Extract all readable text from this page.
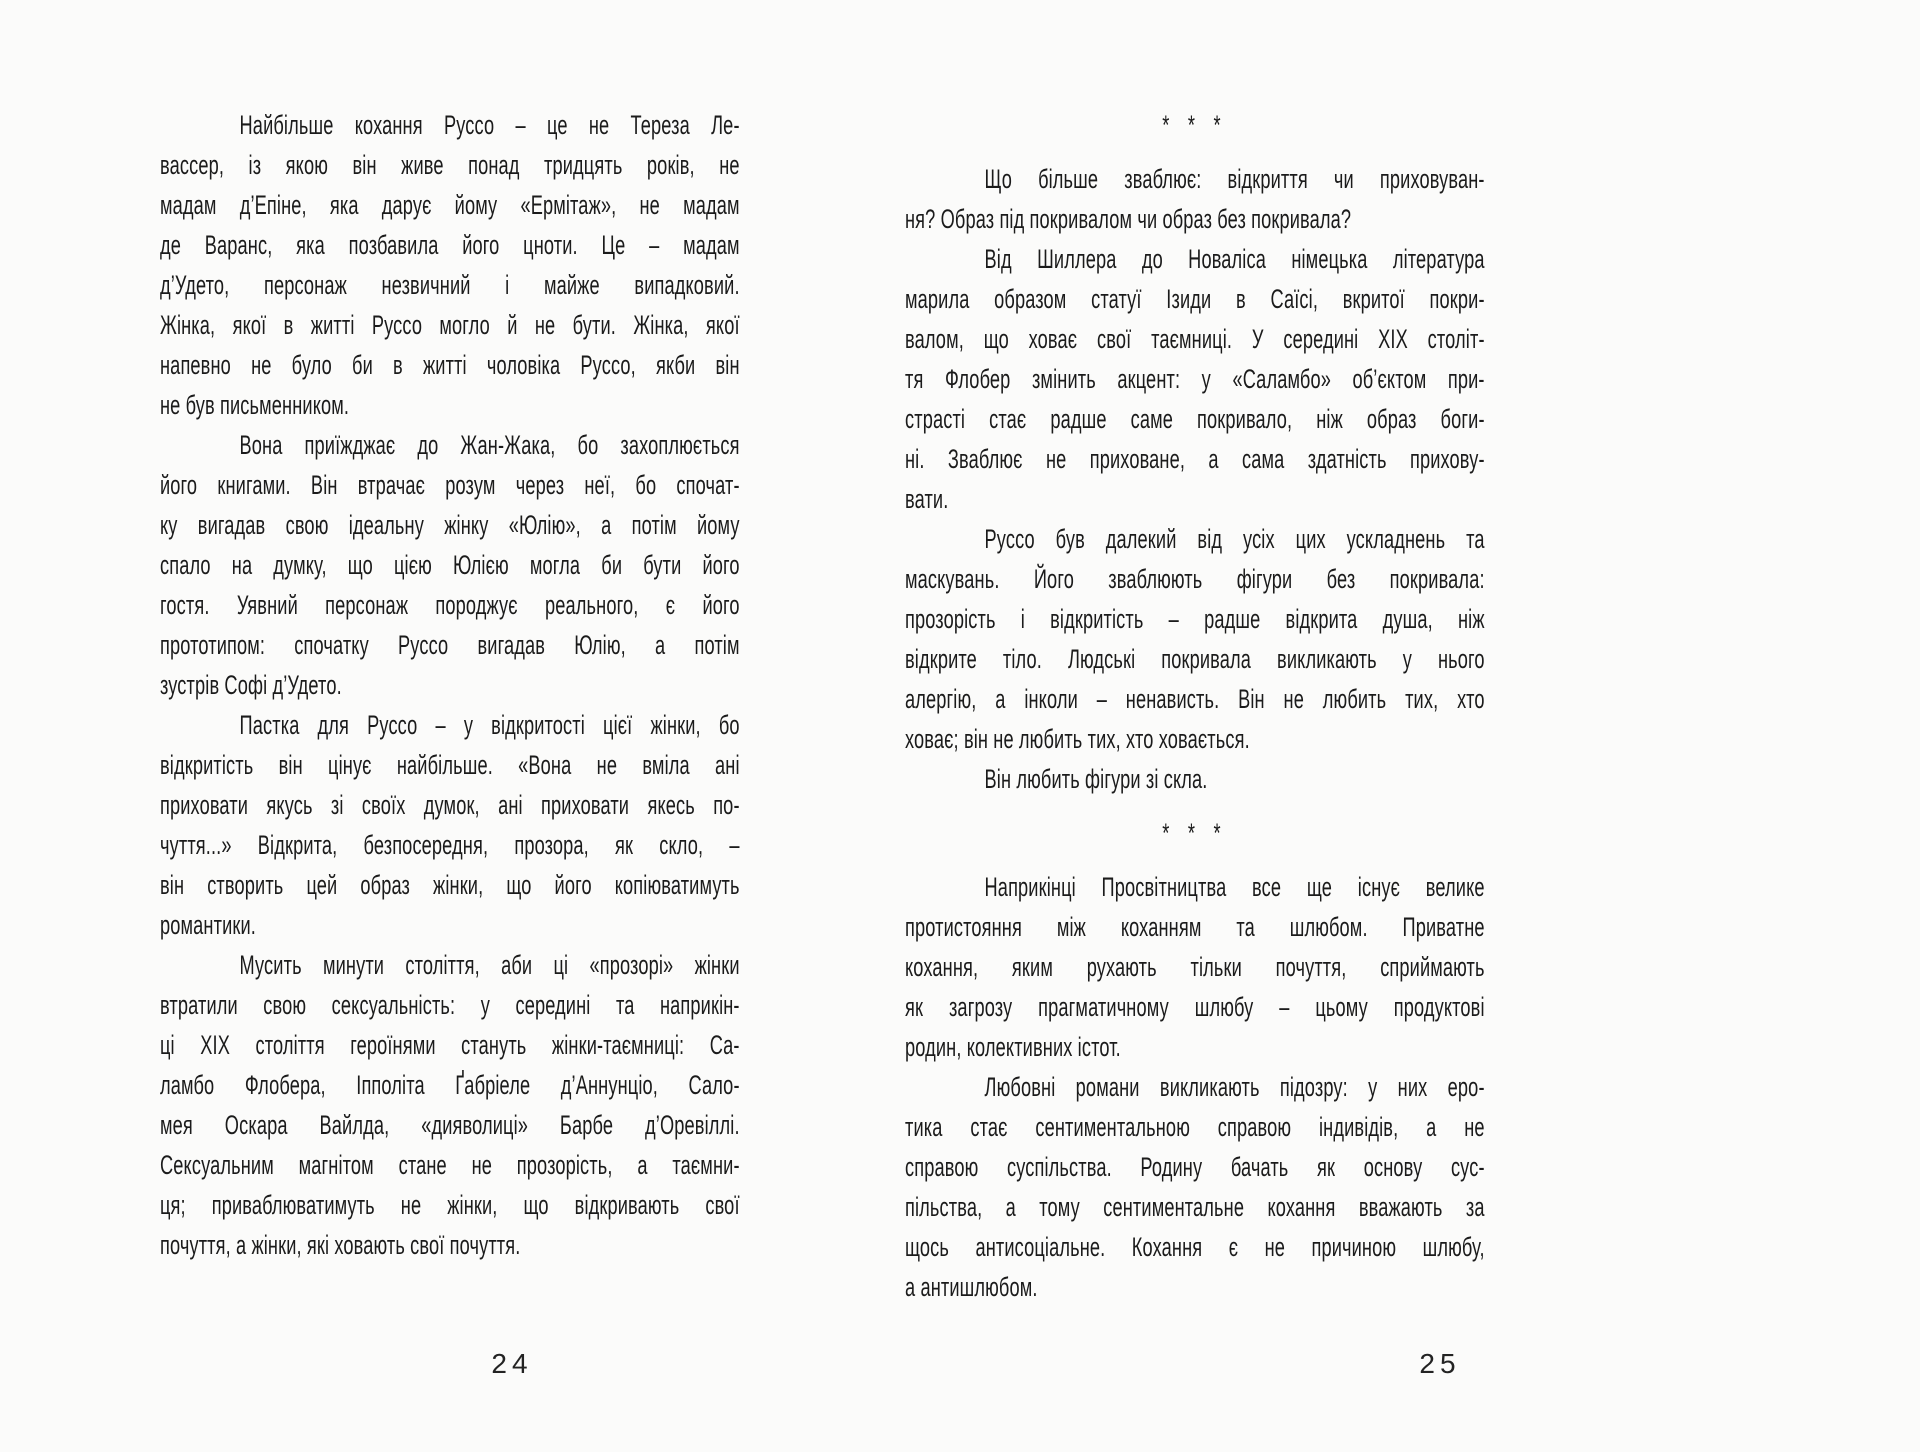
Найбільше кохання Руссо – це не Тереза Ле-
вассер, із якою він живе понад тридцять років, не
мадам д’Епіне, яка дарує йому «Ермітаж», не мадам
де Варанс, яка позбавила його цноти. Це – мадам
д’Удето, персонаж незвичний і майже випадковий.
Жінка, якої в житті Руссо могло й не бути. Жінка, якої
напевно не було би в житті чоловіка Руссо, якби він
не був письменником.
Вона приїжджає до Жан-Жака, бо захоплюється
його книгами. Він втрачає розум через неї, бо спочат-
ку вигадав свою ідеальну жінку «Юлію», а потім йому
спало на думку, що цією Юлією могла би бути його
гостя. Уявний персонаж породжує реального, є його
прототипом: спочатку Руссо вигадав Юлію, а потім
зустрів Софі д’Удето.
Пастка для Руссо – у відкритості цієї жінки, бо
відкритість він цінує найбільше. «Вона не вміла ані
приховати якусь зі своїх думок, ані приховати якесь по-
чуття...» Відкрита, безпосередня, прозора, як скло, –
він створить цей образ жінки, що його копіюватимуть
романтики.
Мусить минути століття, аби ці «прозорі» жінки
втратили свою сексуальність: у середині та наприкін-
ці XIX століття героїнями стануть жінки-таємниці: Са-
ламбо Флобера, Іпполіта Ґабріеле д’Аннунціо, Сало-
мея Оскара Вайлда, «дияволиці» Барбе д’Оревіллі.
Сексуальним магнітом стане не прозорість, а таємни-
ця; приваблюватимуть не жінки, що відкривають свої
почуття, а жінки, які ховають свої почуття.
* * *
Що більше зваблює: відкриття чи приховуван-
ня? Образ під покривалом чи образ без покривала?
Від Шиллера до Новаліса німецька література
марила образом статуї Ізиди в Саїсі, вкритої покри-
валом, що ховає свої таємниці. У середині XIX століт-
тя Флобер змінить акцент: у «Саламбо» об’єктом при-
страсті стає радше саме покривало, ніж образ боги-
ні. Зваблює не приховане, а сама здатність прихову-
вати.
Руссо був далекий від усіх цих ускладнень та
маскувань. Його зваблюють фігури без покривала:
прозорість і відкритість – радше відкрита душа, ніж
відкрите тіло. Людські покривала викликають у нього
алергію, а інколи – ненависть. Він не любить тих, хто
ховає; він не любить тих, хто ховається.
Він любить фігури зі скла.
* * *
Наприкінці Просвітництва все ще існує велике
протистояння між коханням та шлюбом. Приватне
кохання, яким рухають тільки почуття, сприймають
як загрозу прагматичному шлюбу – цьому продуктові
родин, колективних істот.
Любовні романи викликають підозру: у них еро-
тика стає сентиментальною справою індивідів, а не
справою суспільства. Родину бачать як основу сус-
пільства, а тому сентиментальне кохання вважають за
щось антисоціальне. Кохання є не причиною шлюбу,
а антишлюбом.
24	25
